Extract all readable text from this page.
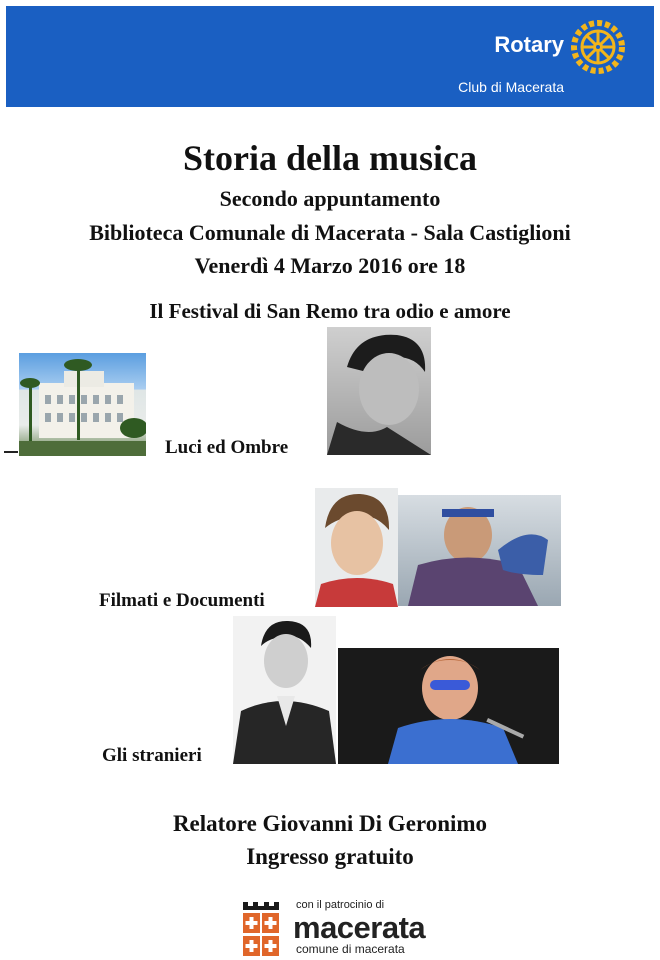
Rotary
Club di Macerata
Storia della musica
Secondo appuntamento
Biblioteca Comunale di Macerata - Sala Castiglioni
Venerdì 4 Marzo 2016 ore 18
Il Festival di San Remo tra odio e amore
Luci ed Ombre
Filmati e Documenti
Gli stranieri
Relatore Giovanni Di Geronimo
Ingresso gratuito
con il patrocinio di
macerata
comune di macerata
